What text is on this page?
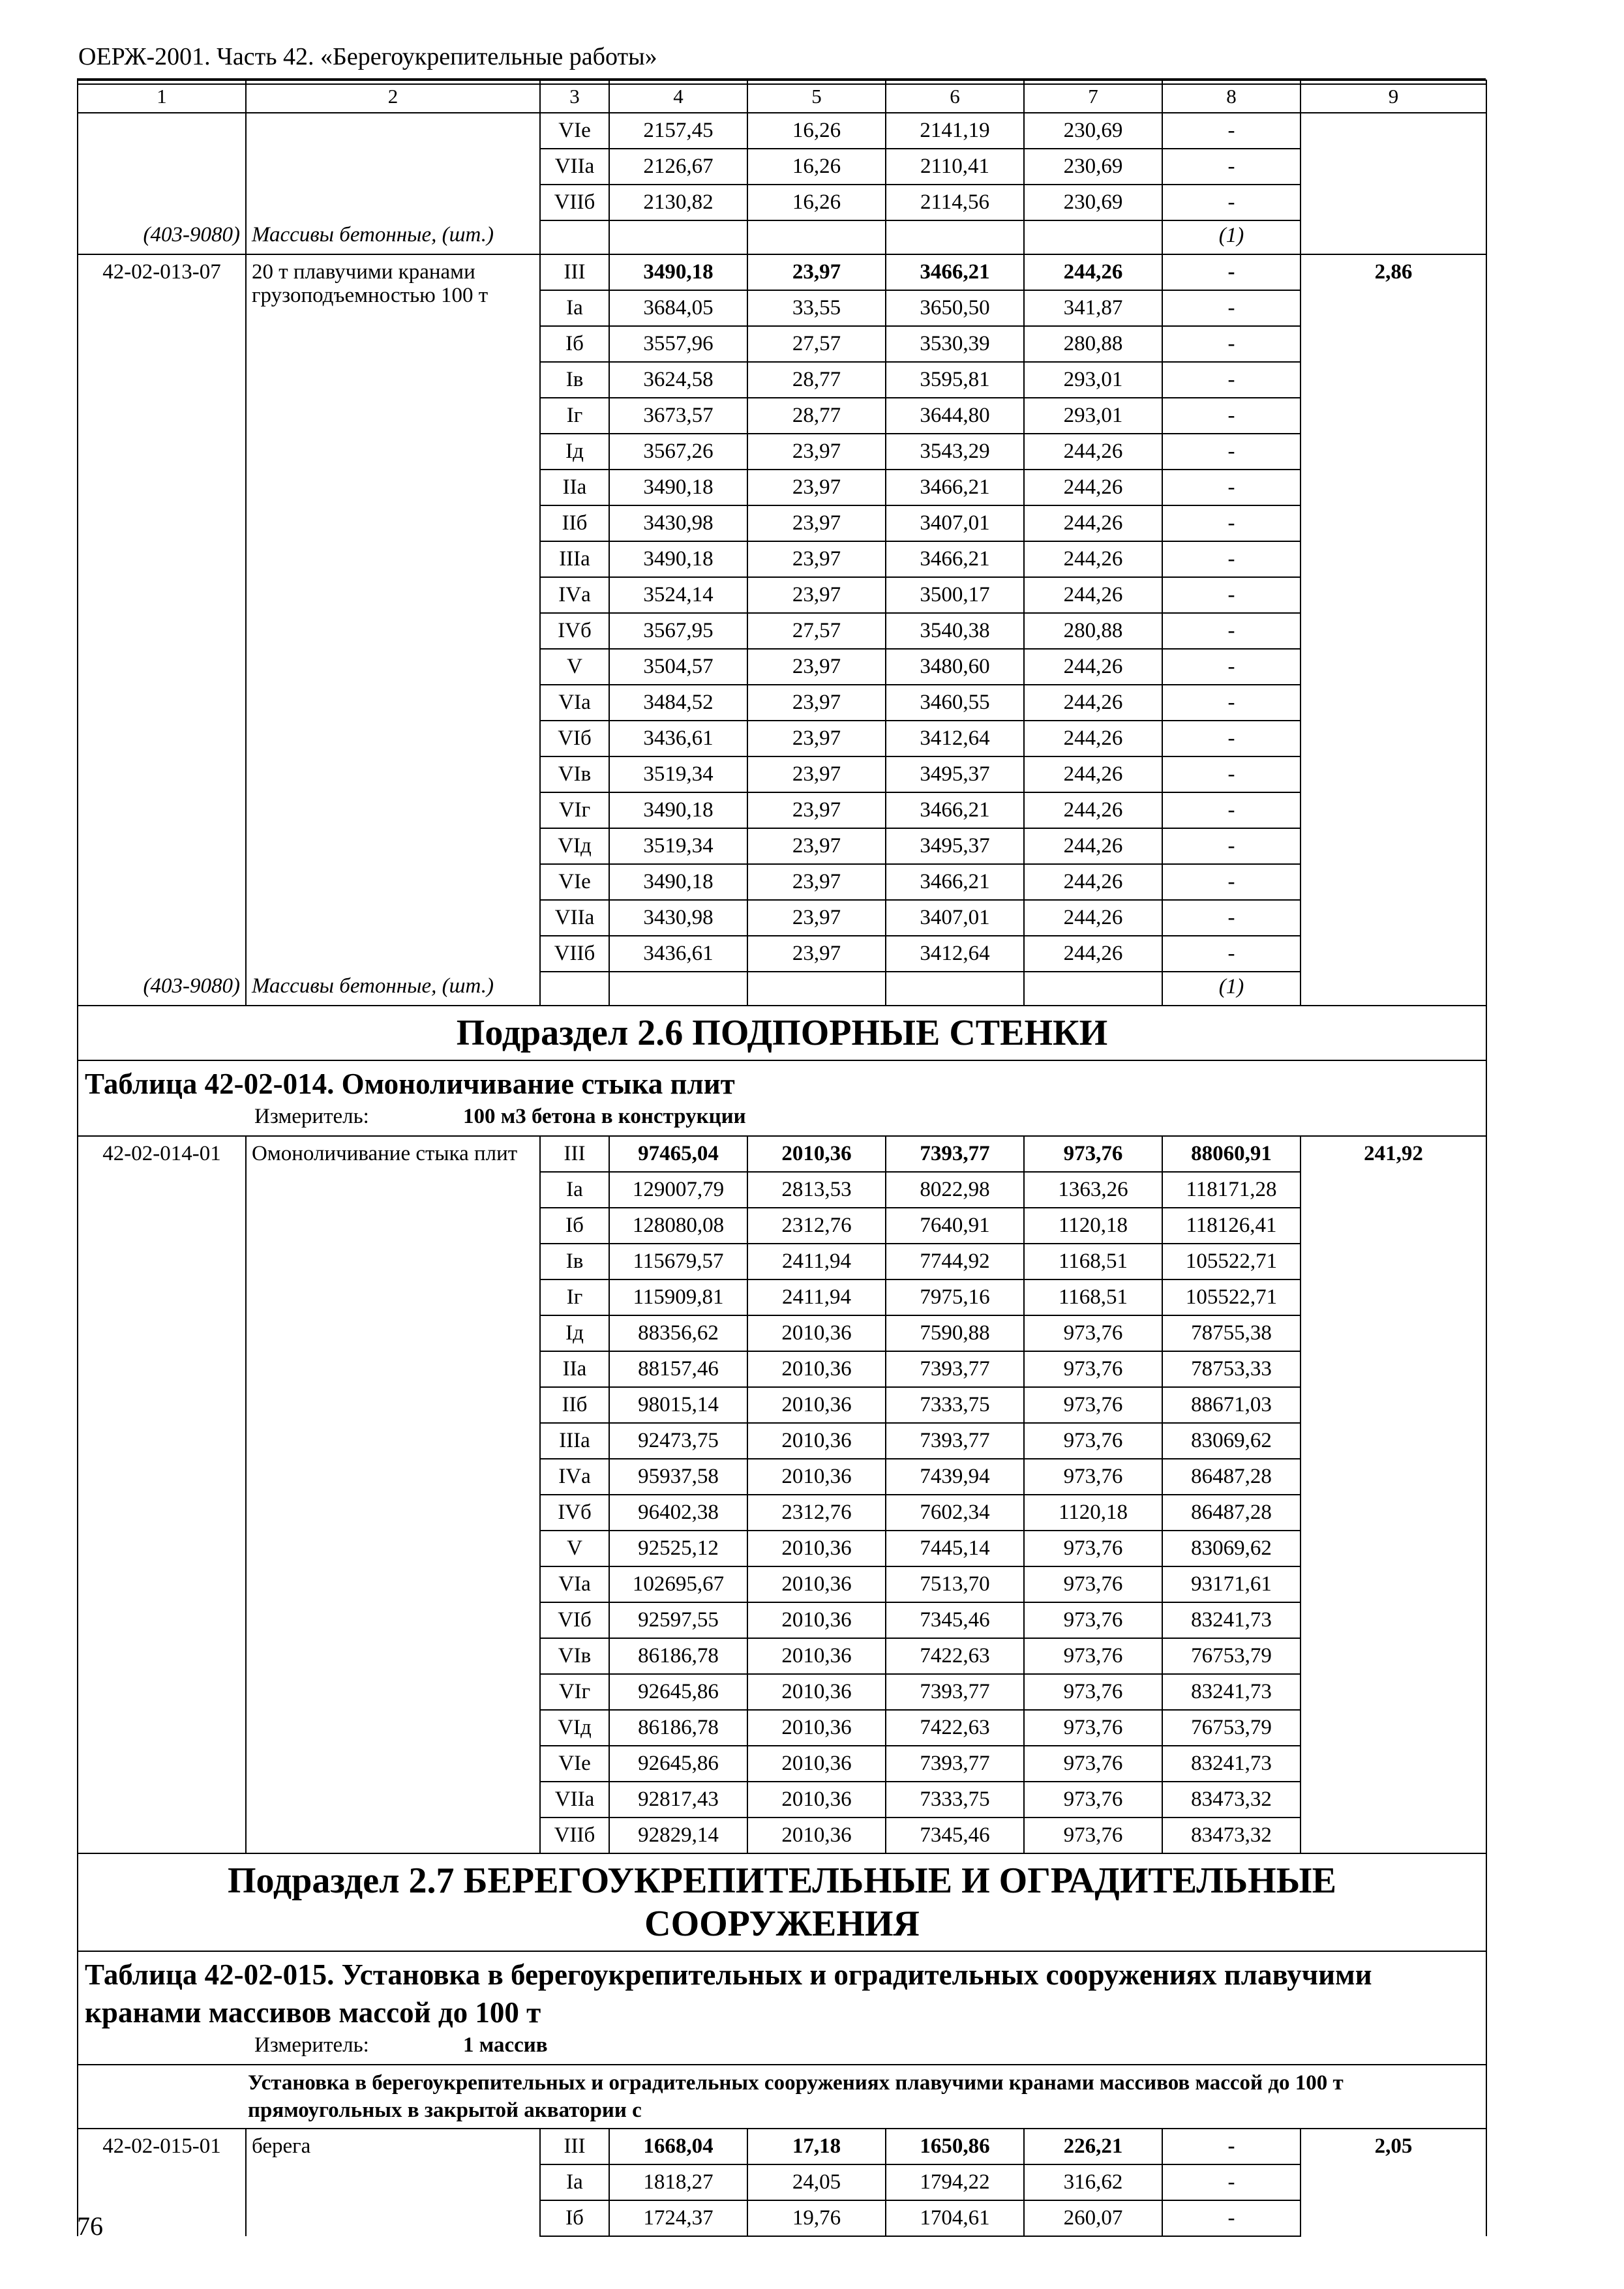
ОЕРЖ-2001. Часть 42. «Берегоукрепительные работы»
1	2	3	4	5	6	7	8	9
		VIе	2157,45	16,26	2141,19	230,69	-	
		VIIа	2126,67	16,26	2110,41	230,69	-	
		VIIб	2130,82	16,26	2114,56	230,69	-	
(403-9080)	Массивы бетонные, (шт.)						(1)	
42-02-013-07	20 т плавучими кранами грузоподъемностью 100 т	III	3490,18	23,97	3466,21	244,26	-	2,86
		Iа	3684,05	33,55	3650,50	341,87	-	
		Iб	3557,96	27,57	3530,39	280,88	-	
		Iв	3624,58	28,77	3595,81	293,01	-	
		Iг	3673,57	28,77	3644,80	293,01	-	
		Iд	3567,26	23,97	3543,29	244,26	-	
		IIа	3490,18	23,97	3466,21	244,26	-	
		IIб	3430,98	23,97	3407,01	244,26	-	
		IIIа	3490,18	23,97	3466,21	244,26	-	
		IVа	3524,14	23,97	3500,17	244,26	-	
		IVб	3567,95	27,57	3540,38	280,88	-	
		V	3504,57	23,97	3480,60	244,26	-	
		VIа	3484,52	23,97	3460,55	244,26	-	
		VIб	3436,61	23,97	3412,64	244,26	-	
		VIв	3519,34	23,97	3495,37	244,26	-	
		VIг	3490,18	23,97	3466,21	244,26	-	
		VIд	3519,34	23,97	3495,37	244,26	-	
		VIе	3490,18	23,97	3466,21	244,26	-	
		VIIа	3430,98	23,97	3407,01	244,26	-	
		VIIб	3436,61	23,97	3412,64	244,26	-	
(403-9080)	Массивы бетонные, (шт.)						(1)	
Подраздел 2.6 ПОДПОРНЫЕ СТЕНКИ								

Таблица 42-02-014. Омоноличивание стыка плит
Измеритель: 100 м3 бетона в конструкции								

42-02-014-01	Омоноличивание стыка плит	III	97465,04	2010,36	7393,77	973,76	88060,91	241,92
		Iа	129007,79	2813,53	8022,98	1363,26	118171,28	
		Iб	128080,08	2312,76	7640,91	1120,18	118126,41	
		Iв	115679,57	2411,94	7744,92	1168,51	105522,71	
		Iг	115909,81	2411,94	7975,16	1168,51	105522,71	
		Iд	88356,62	2010,36	7590,88	973,76	78755,38	
		IIа	88157,46	2010,36	7393,77	973,76	78753,33	
		IIб	98015,14	2010,36	7333,75	973,76	88671,03	
		IIIа	92473,75	2010,36	7393,77	973,76	83069,62	
		IVа	95937,58	2010,36	7439,94	973,76	86487,28	
		IVб	96402,38	2312,76	7602,34	1120,18	86487,28	
		V	92525,12	2010,36	7445,14	973,76	83069,62	
		VIа	102695,67	2010,36	7513,70	973,76	93171,61	
		VIб	92597,55	2010,36	7345,46	973,76	83241,73	
		VIв	86186,78	2010,36	7422,63	973,76	76753,79	
		VIг	92645,86	2010,36	7393,77	973,76	83241,73	
		VIд	86186,78	2010,36	7422,63	973,76	76753,79	
		VIе	92645,86	2010,36	7393,77	973,76	83241,73	
		VIIа	92817,43	2010,36	7333,75	973,76	83473,32	
		VIIб	92829,14	2010,36	7345,46	973,76	83473,32	
Подраздел 2.7 БЕРЕГОУКРЕПИТЕЛЬНЫЕ И ОГРАДИТЕЛЬНЫЕ СООРУЖЕНИЯ								

Таблица 42-02-015. Установка в берегоукрепительных и оградительных сооружениях плавучими кранами массивов массой до 100 т
Измеритель: 1 массив								

Установка в берегоукрепительных и оградительных сооружениях плавучими кранами массивов массой до 100 т прямоугольных в закрытой акватории с								
42-02-015-01	берега	III	1668,04	17,18	1650,86	226,21	-	2,05
		Iа	1818,27	24,05	1794,22	316,62	-	
		Iб	1724,37	19,76	1704,61	260,07	-	
76
